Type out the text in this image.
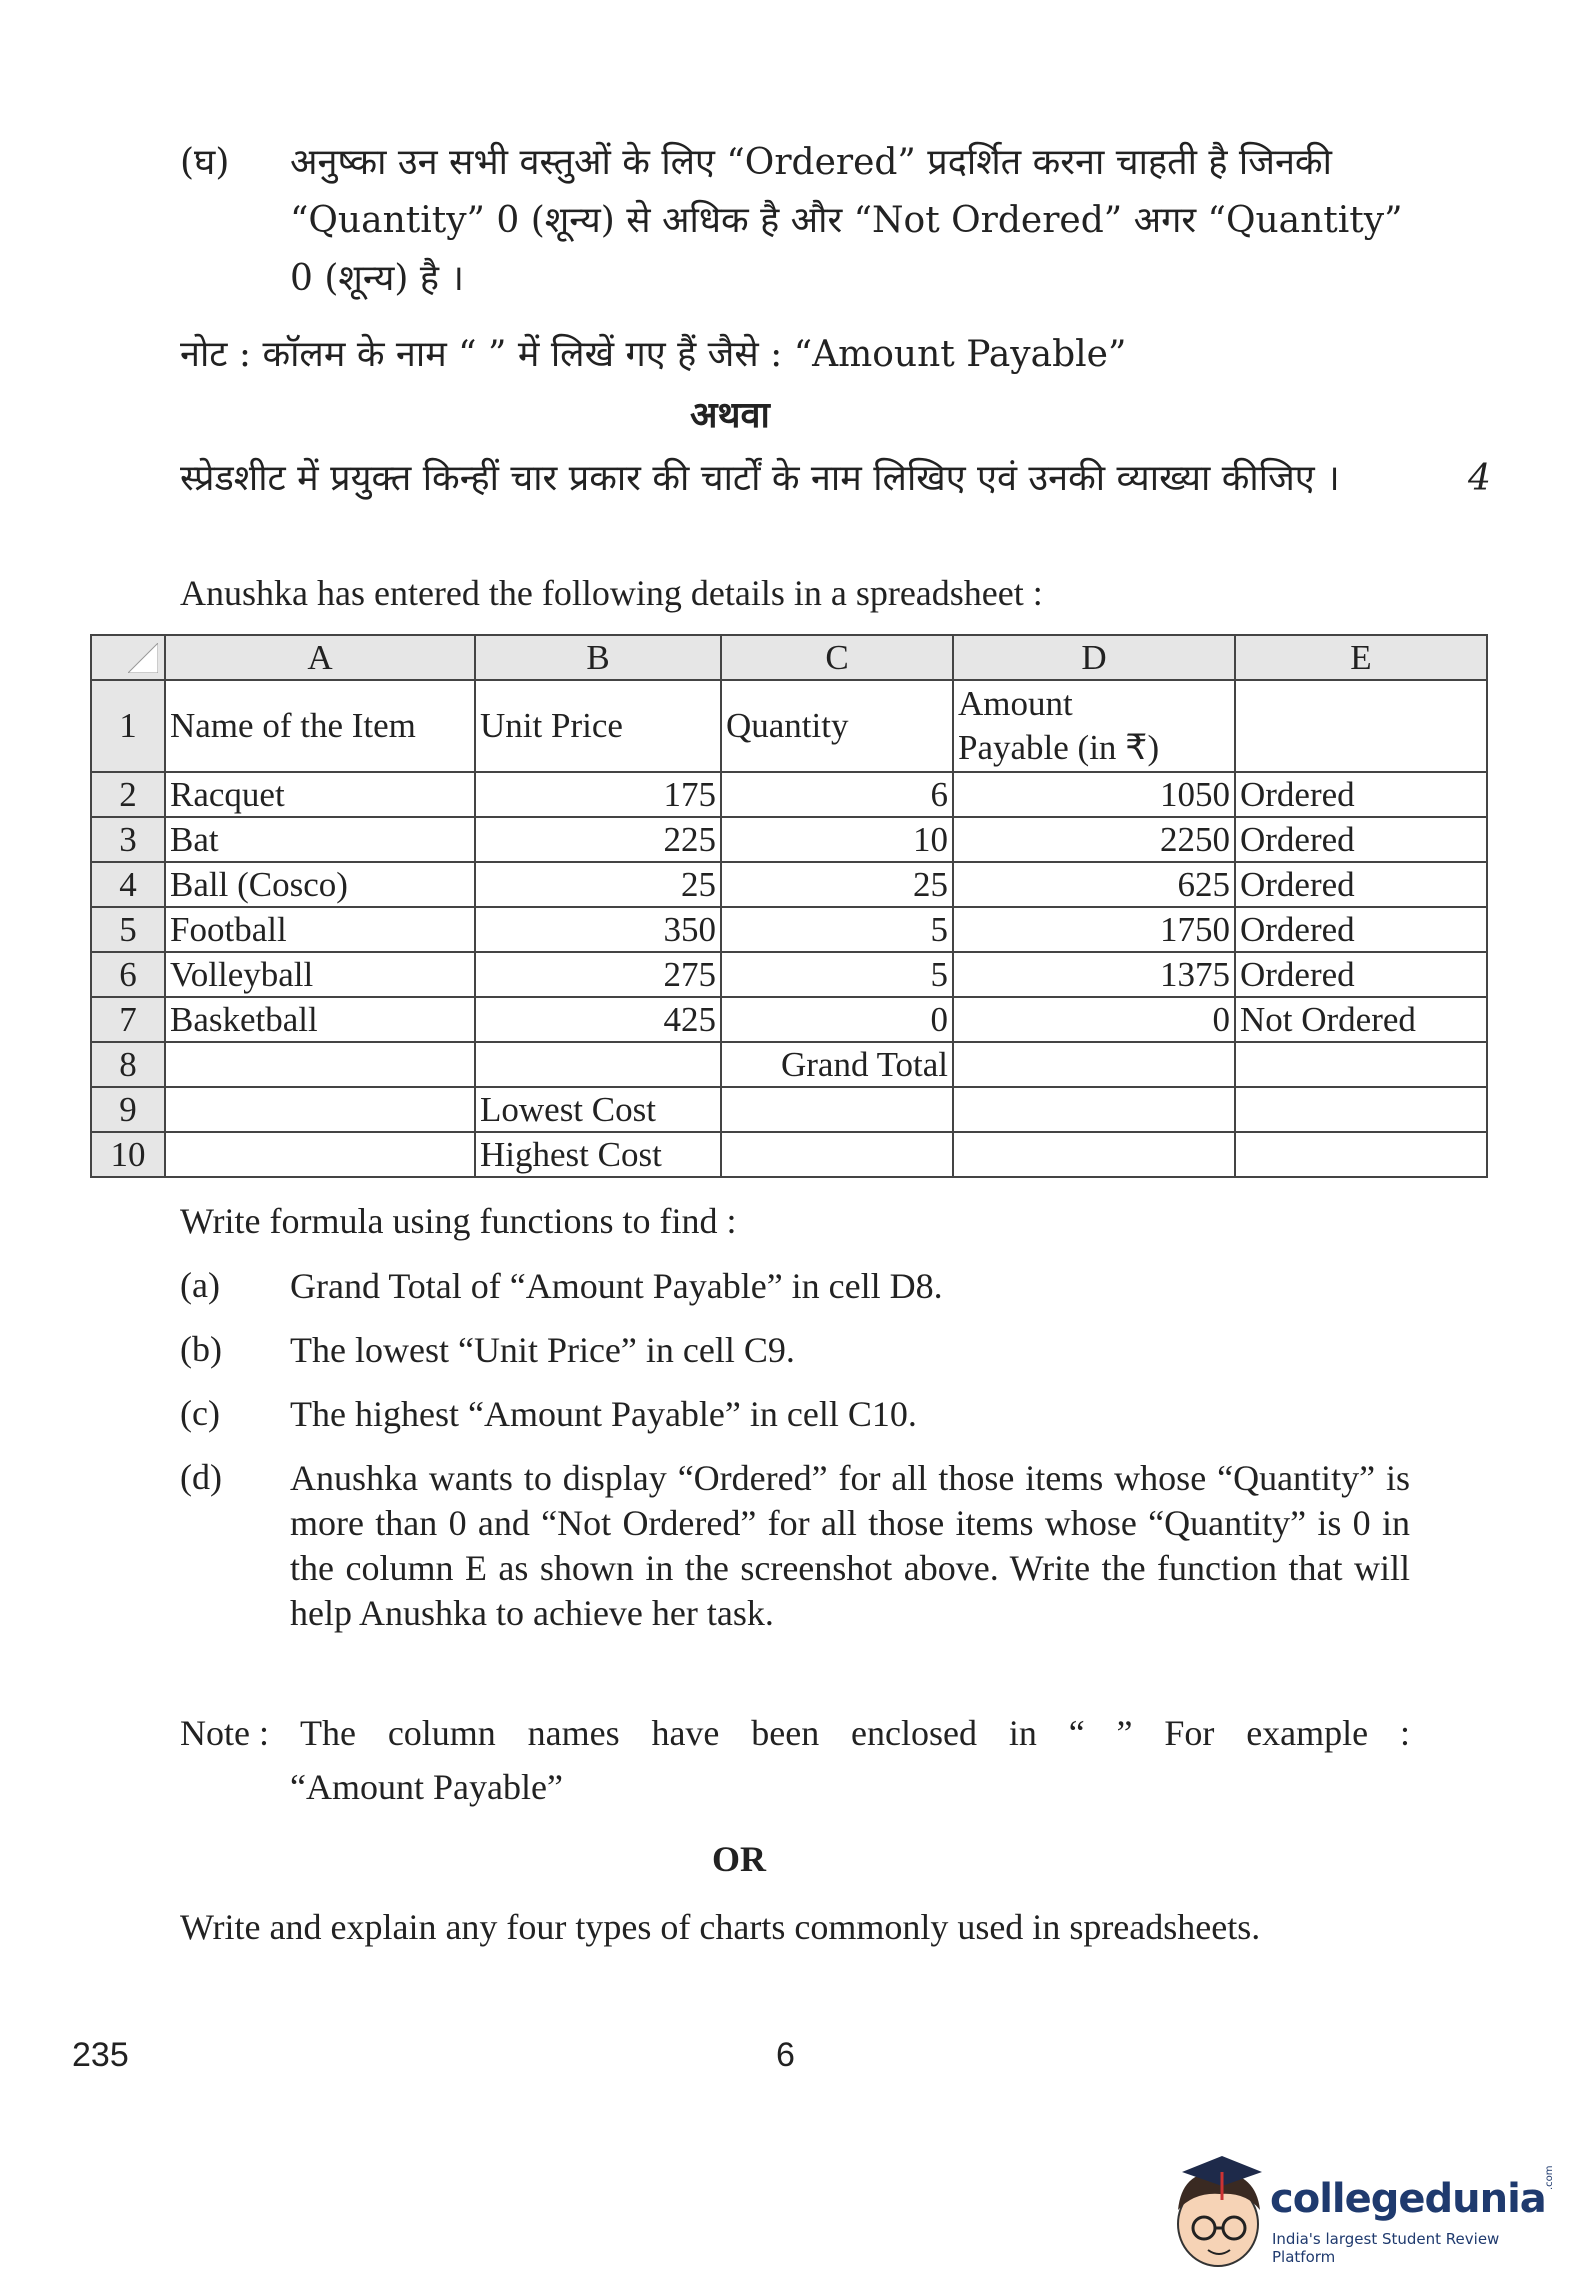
(घ) अनुष्का उन सभी वस्तुओं के लिए “Ordered” प्रदर्शित करना चाहती है जिनकी
“Quantity” 0 (शून्य) से अधिक है और “Not Ordered” अगर “Quantity”
0 (शून्य) है ।
नोट : कॉलम के नाम “ ” में लिखें गए हैं जैसे : “Amount Payable”
अथवा
स्प्रेडशीट में प्रयुक्त किन्हीं चार प्रकार की चार्टों के नाम लिखिए एवं उनकी व्याख्या कीजिए ।	4
Anushka has entered the following details in a spreadsheet :
	A	B	C	D	E
1	Name of the Item	Unit Price	Quantity	Amount
Payable (in ₹)	

2	Racquet	175	6	1050	Ordered
3	Bat	225	10	2250	Ordered
4	Ball (Cosco)	25	25	625	Ordered
5	Football	350	5	1750	Ordered
6	Volleyball	275	5	1375	Ordered
7	Basketball	425	0	0	Not Ordered
8			Grand Total		
9		Lowest Cost			
10		Highest Cost			
Write formula using functions to find :
(a) Grand Total of “Amount Payable” in cell D8.
(b) The lowest “Unit Price” in cell C9.
(c) The highest “Amount Payable” in cell C10.
(d) Anushka wants to display “Ordered” for all those items whose “Quantity” is more than 0 and “Not Ordered” for all those items whose “Quantity” is 0 in the column E as shown in the screenshot above. Write the function that will help Anushka to achieve her task.
Note : The column names have been enclosed in “ ” For example :
“Amount Payable”
OR
Write and explain any four types of charts commonly used in spreadsheets.
235	6
collegedunia
.com
India's largest Student Review Platform
